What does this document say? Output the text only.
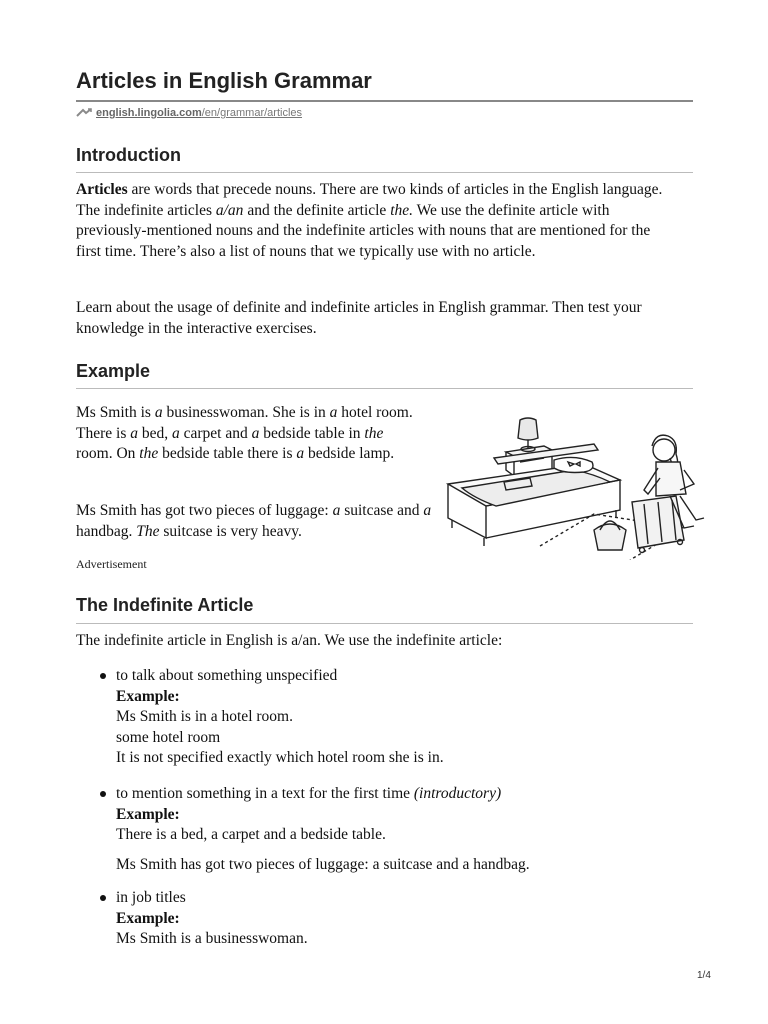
Articles in English Grammar
english.lingolia.com /en/grammar/articles
Introduction

Articles are words that precede nouns. There are two kinds of articles in the English language. The indefinite articles a/an and the definite article the. We use the definite article with previously-mentioned nouns and the indefinite articles with nouns that are mentioned for the first time. There’s also a list of nouns that we typically use with no article.

Learn about the usage of definite and indefinite articles in English grammar. Then test your knowledge in the interactive exercises.

Example

Ms Smith is a businesswoman. She is in a hotel room. There is a bed, a carpet and a bedside table in the room. On the bedside table there is a bedside lamp.

Ms Smith has got two pieces of luggage: a suitcase and a handbag. The suitcase is very heavy.

Advertisement
The Indefinite Article

The indefinite article in English is a/an. We use the indefinite article:

to talk about something unspecified
Example:
Ms Smith is in a hotel room.
some hotel room
It is not specified exactly which hotel room she is in.
to mention something in a text for the first time (introductory)
Example:
There is a bed, a carpet and a bedside table.
Ms Smith has got two pieces of luggage: a suitcase and a handbag.
in job titles
Example:
Ms Smith is a businesswoman.
1/4
